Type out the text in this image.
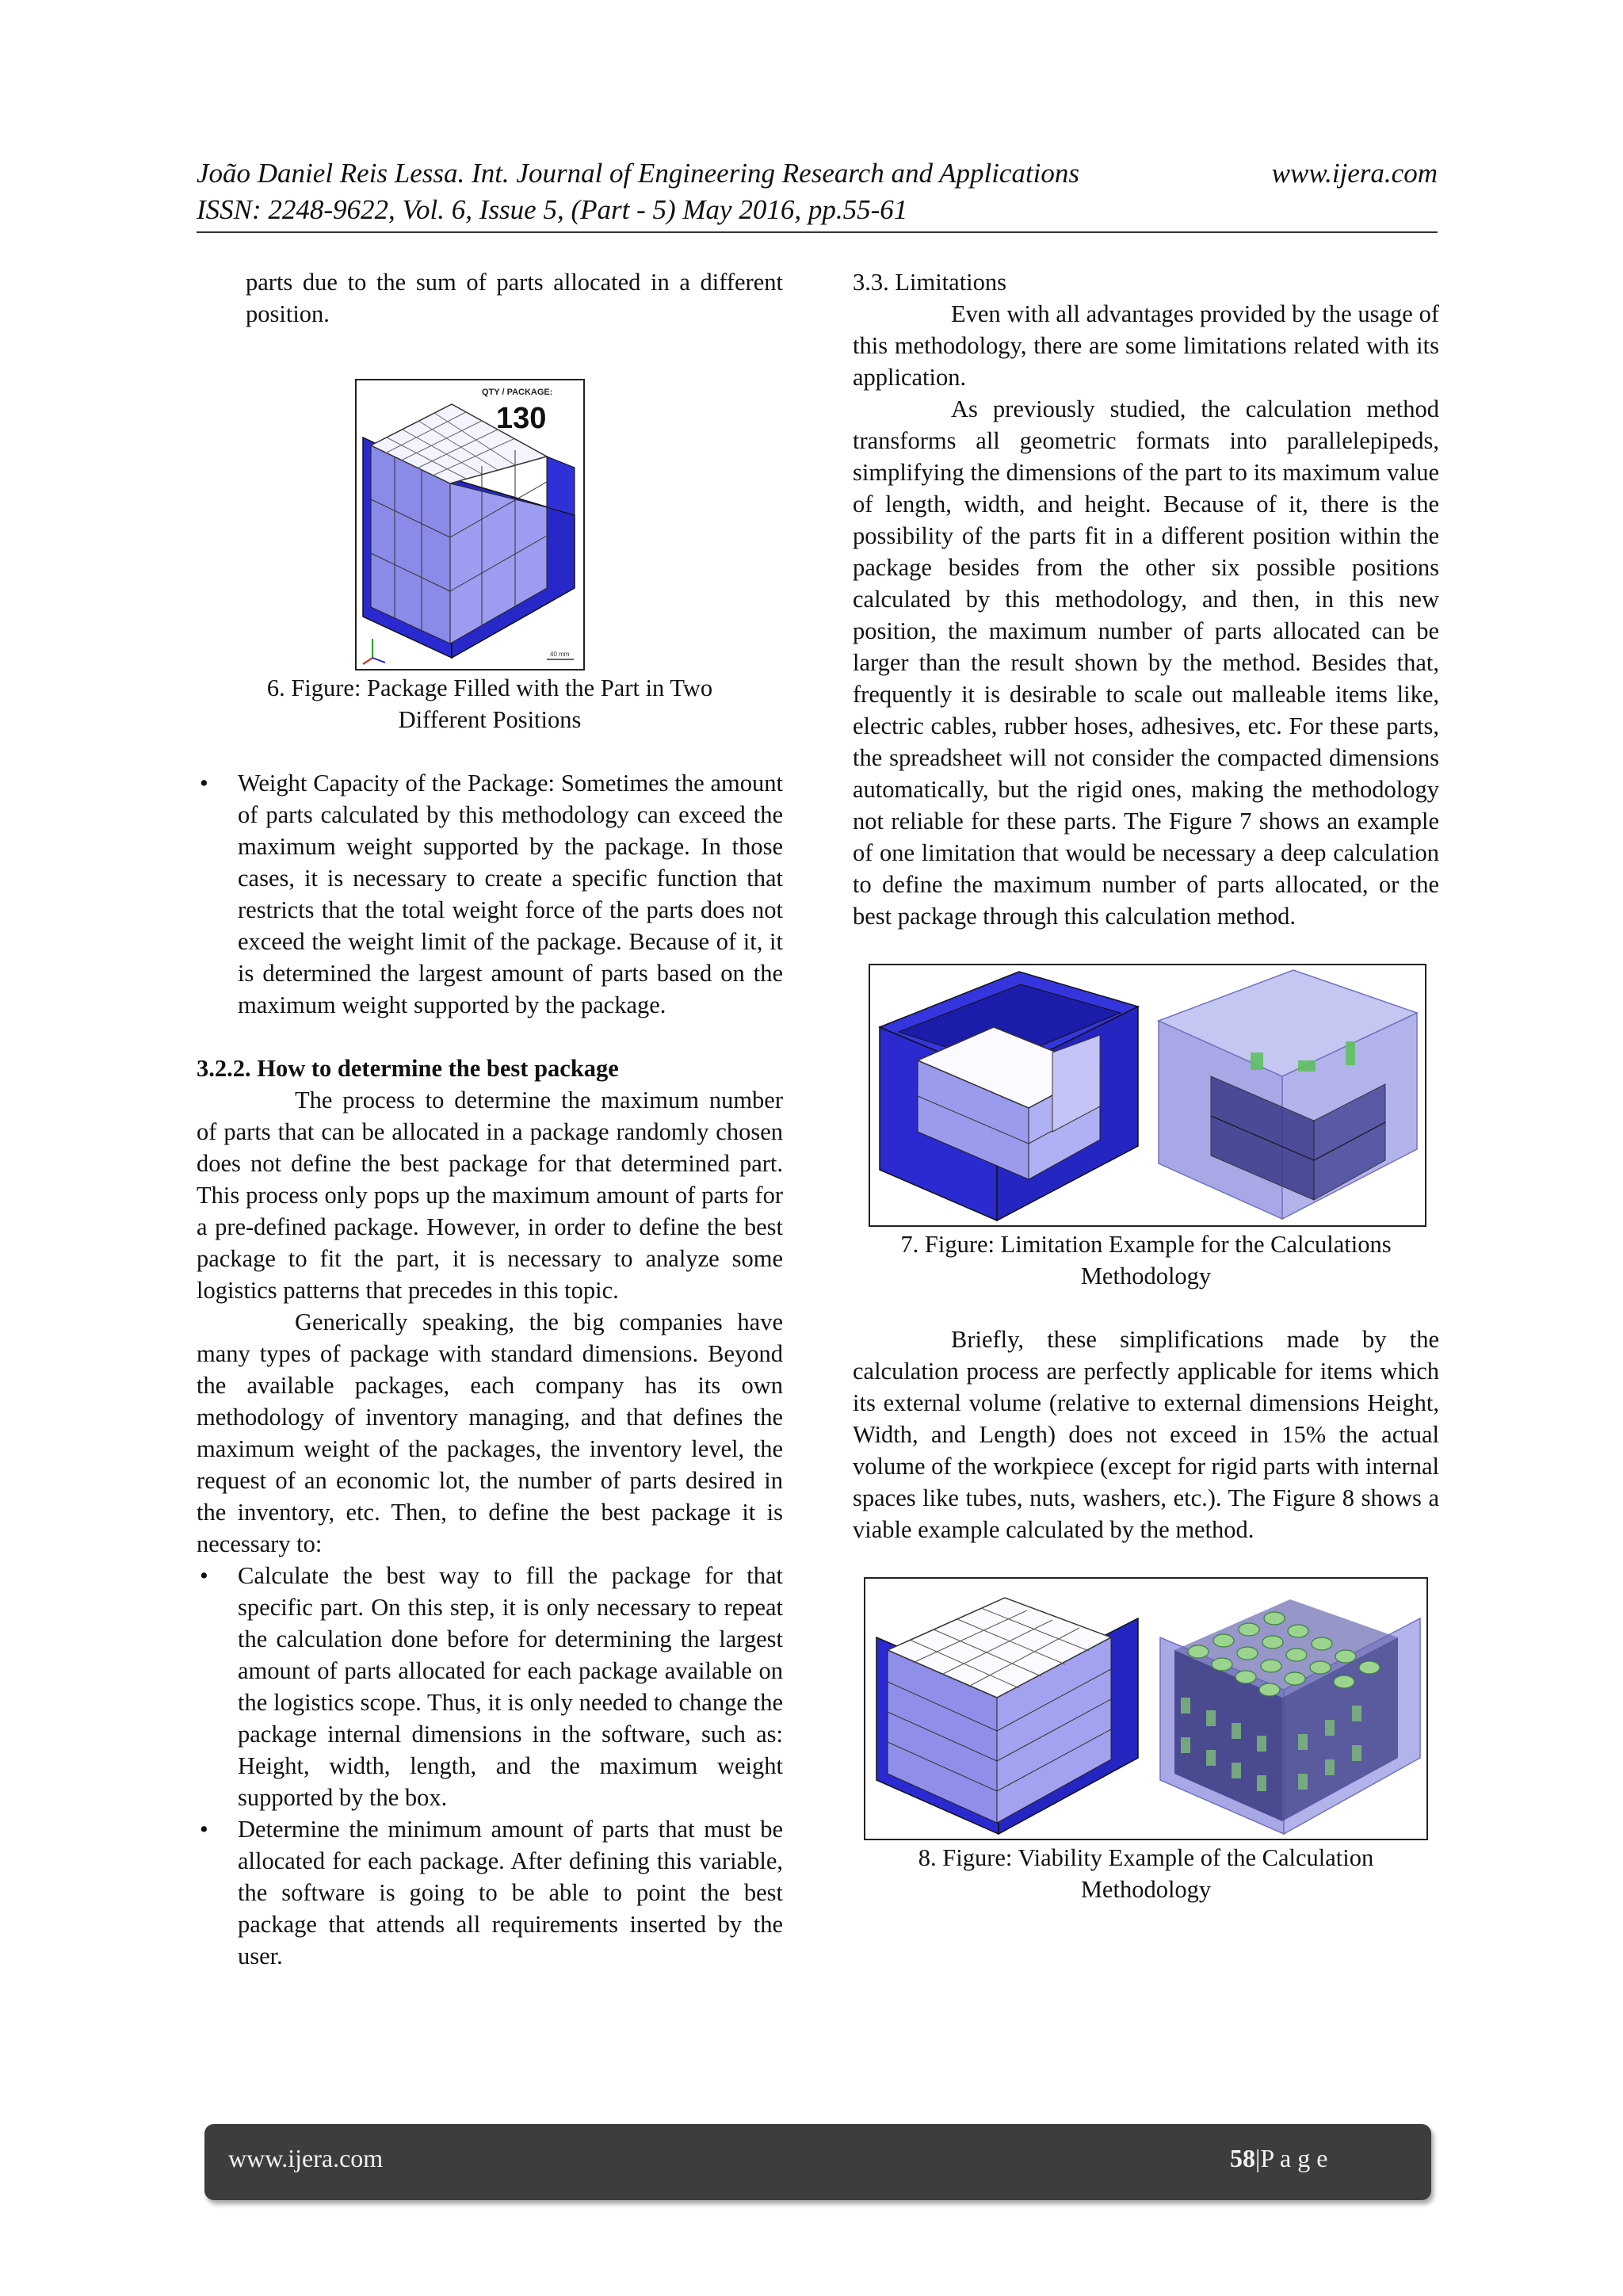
João Daniel Reis Lessa. Int. Journal of Engineering Research and Applications	www.ijera.com
ISSN: 2248-9622, Vol. 6, Issue 5, (Part - 5) May 2016, pp.55-61

parts due to the sum of parts allocated in a different position.

QTY / PACKAGE:
130
40 mm

6. Figure: Package Filled with the Part in Two

Different Positions

•	Weight Capacity of the Package: Sometimes the amount of parts calculated by this methodology can exceed the maximum weight supported by the package. In those cases, it is necessary to create a specific function that restricts that the total weight force of the parts does not exceed the weight limit of the package. Because of it, it is determined the largest amount of parts based on the maximum weight supported by the package.

3.2.2. How to determine the best package

The process to determine the maximum number of parts that can be allocated in a package randomly chosen does not define the best package for that determined part. This process only pops up the maximum amount of parts for a pre-defined package. However, in order to define the best package to fit the part, it is necessary to analyze some logistics patterns that precedes in this topic.

Generically speaking, the big companies have many types of package with standard dimensions. Beyond the available packages, each company has its own methodology of inventory managing, and that defines the maximum weight of the packages, the inventory level, the request of an economic lot, the number of parts desired in the inventory, etc. Then, to define the best package it is necessary to:

•	Calculate the best way to fill the package for that specific part. On this step, it is only necessary to repeat the calculation done before for determining the largest amount of parts allocated for each package available on the logistics scope. Thus, it is only needed to change the package internal dimensions in the software, such as: Height, width, length, and the maximum weight supported by the box.
•	Determine the minimum amount of parts that must be allocated for each package. After defining this variable, the software is going to be able to point the best package that attends all requirements inserted by the user.

3.3. Limitations

Even with all advantages provided by the usage of this methodology, there are some limitations related with its application.

As previously studied, the calculation method transforms all geometric formats into parallelepipeds, simplifying the dimensions of the part to its maximum value of length, width, and height. Because of it, there is the possibility of the parts fit in a different position within the package besides from the other six possible positions calculated by this methodology, and then, in this new position, the maximum number of parts allocated can be larger than the result shown by the method. Besides that, frequently it is desirable to scale out malleable items like, electric cables, rubber hoses, adhesives, etc. For these parts, the spreadsheet will not consider the compacted dimensions automatically, but the rigid ones, making the methodology not reliable for these parts. The Figure 7 shows an example of one limitation that would be necessary a deep calculation to define the maximum number of parts allocated, or the best package through this calculation method.

7. Figure: Limitation Example for the Calculations

Methodology

Briefly, these simplifications made by the calculation process are perfectly applicable for items which its external volume (relative to external dimensions Height, Width, and Length) does not exceed in 15% the actual volume of the workpiece (except for rigid parts with internal spaces like tubes, nuts, washers, etc.). The Figure 8 shows a viable example calculated by the method.

8. Figure: Viability Example of the Calculation

Methodology

www.ijera.com	58|P a g e
